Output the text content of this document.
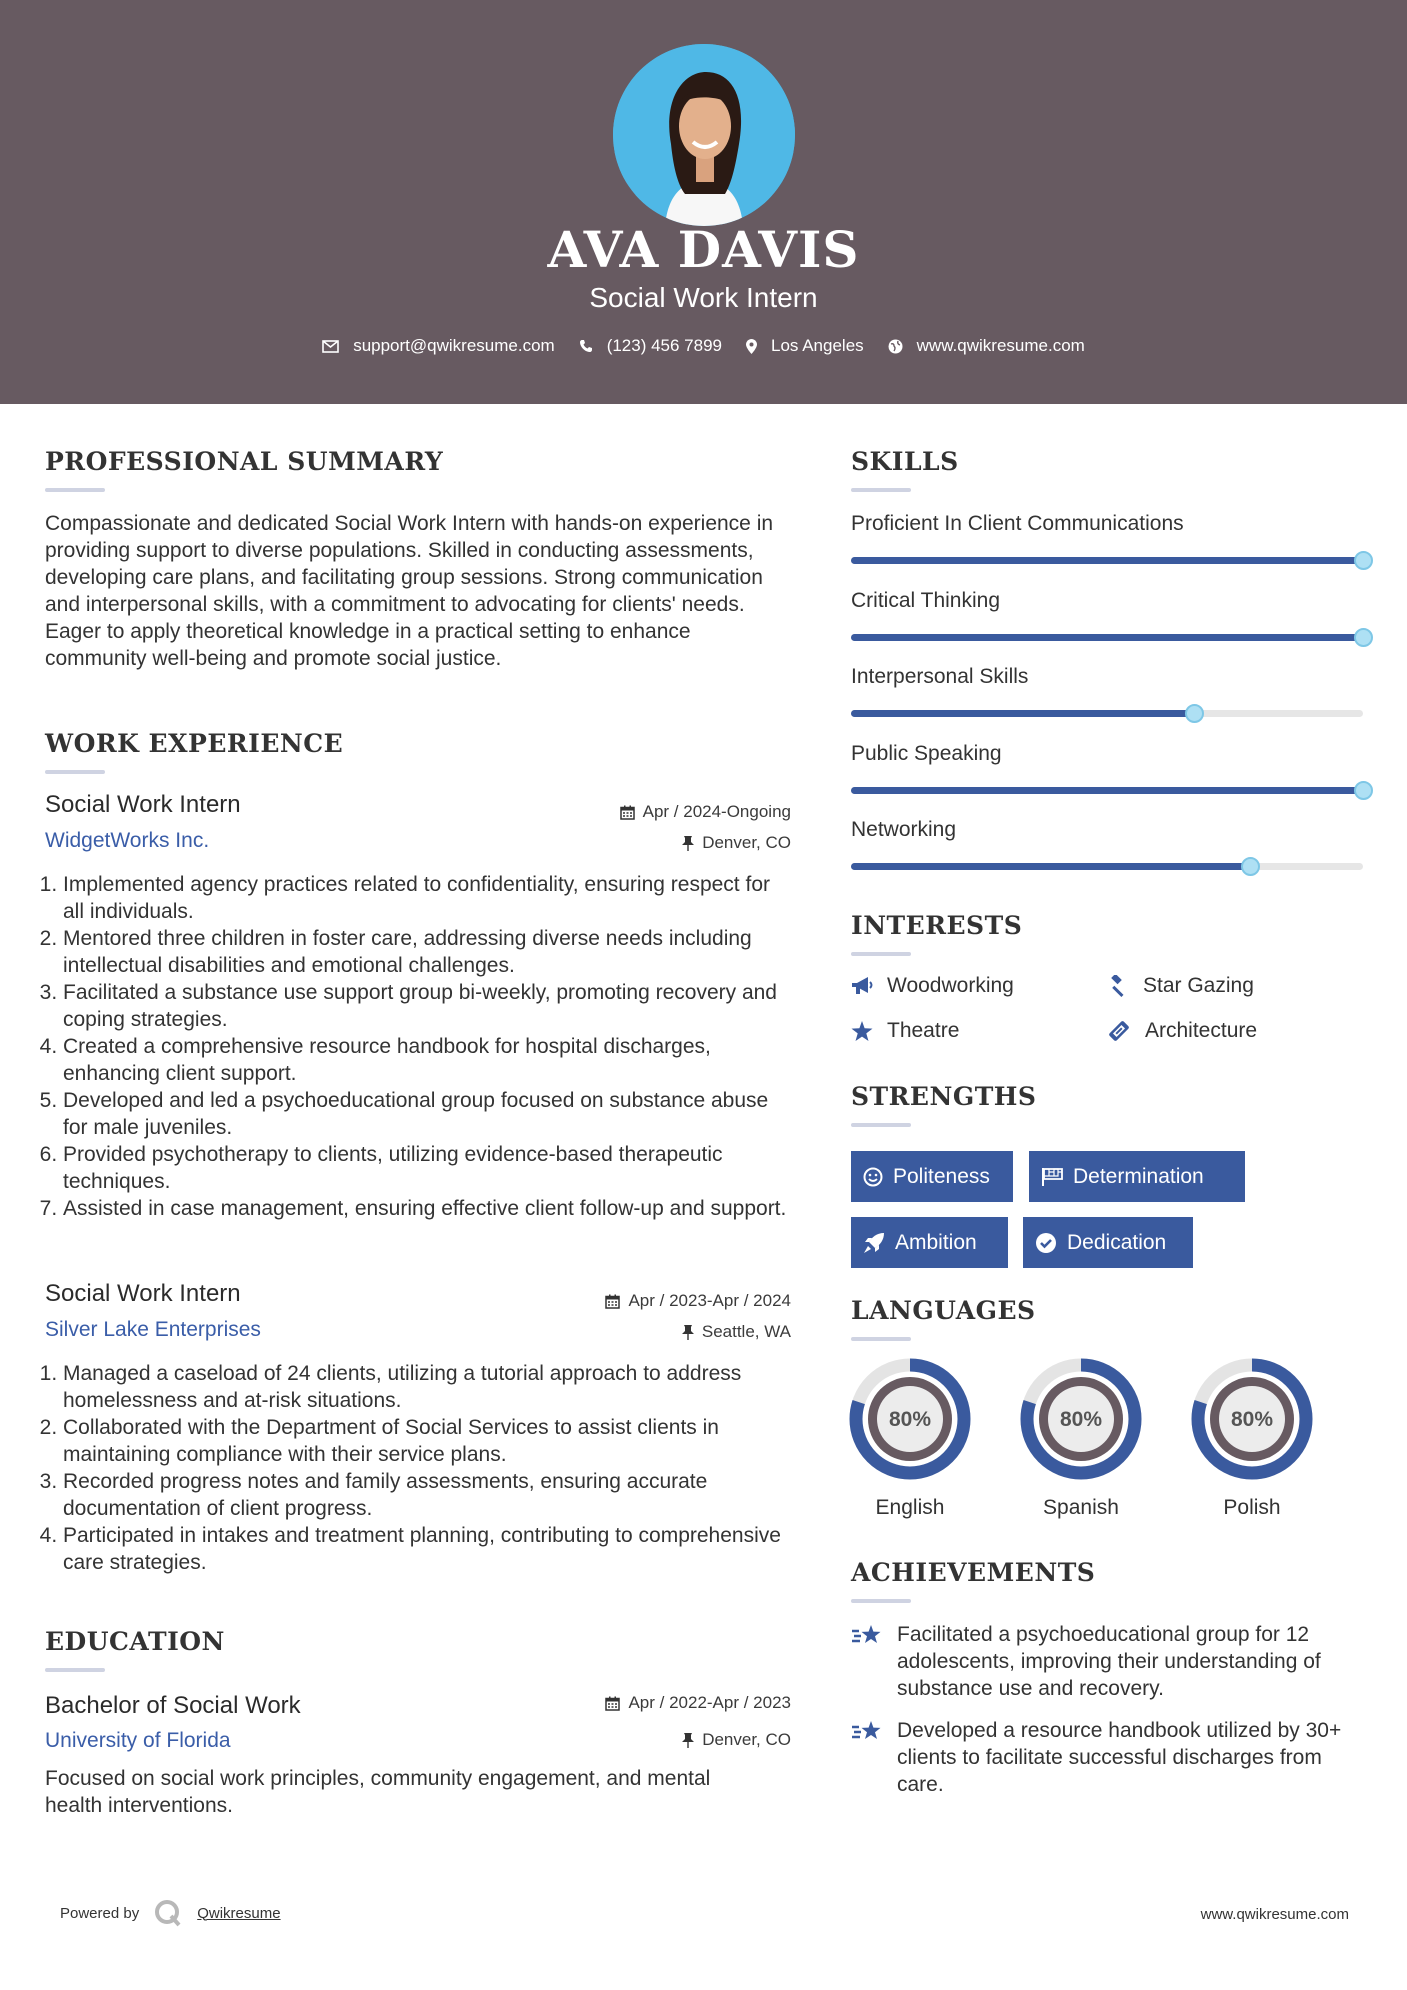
AVA DAVIS
Social Work Intern
support@qwikresume.com	(123) 456 7899	Los Angeles	www.qwikresume.com
PROFESSIONAL SUMMARY
Compassionate and dedicated Social Work Intern with hands-on experience in providing support to diverse populations. Skilled in conducting assessments, developing care plans, and facilitating group sessions. Strong communication and interpersonal skills, with a commitment to advocating for clients' needs. Eager to apply theoretical knowledge in a practical setting to enhance community well-being and promote social justice.
WORK EXPERIENCE
Social Work Intern	Apr / 2024-Ongoing
WidgetWorks Inc.	Denver, CO
1. Implemented agency practices related to confidentiality, ensuring respect for all individuals.
2. Mentored three children in foster care, addressing diverse needs including intellectual disabilities and emotional challenges.
3. Facilitated a substance use support group bi-weekly, promoting recovery and coping strategies.
4. Created a comprehensive resource handbook for hospital discharges, enhancing client support.
5. Developed and led a psychoeducational group focused on substance abuse for male juveniles.
6. Provided psychotherapy to clients, utilizing evidence-based therapeutic techniques.
7. Assisted in case management, ensuring effective client follow-up and support.
Social Work Intern	Apr / 2023-Apr / 2024
Silver Lake Enterprises	Seattle, WA
1. Managed a caseload of 24 clients, utilizing a tutorial approach to address homelessness and at-risk situations.
2. Collaborated with the Department of Social Services to assist clients in maintaining compliance with their service plans.
3. Recorded progress notes and family assessments, ensuring accurate documentation of client progress.
4. Participated in intakes and treatment planning, contributing to comprehensive care strategies.
EDUCATION
Bachelor of Social Work	Apr / 2022-Apr / 2023
University of Florida	Denver, CO
Focused on social work principles, community engagement, and mental health interventions.
SKILLS
Proficient In Client Communications
Critical Thinking
Interpersonal Skills
Public Speaking
Networking
INTERESTS
Woodworking	Star Gazing
Theatre	Architecture
STRENGTHS
Politeness	Determination
Ambition	Dedication
LANGUAGES
80%
English
80%
Spanish
80%
Polish
ACHIEVEMENTS
Facilitated a psychoeducational group for 12 adolescents, improving their understanding of substance use and recovery.
Developed a resource handbook utilized by 30+ clients to facilitate successful discharges from care.
Powered by	Qwikresume	www.qwikresume.com
